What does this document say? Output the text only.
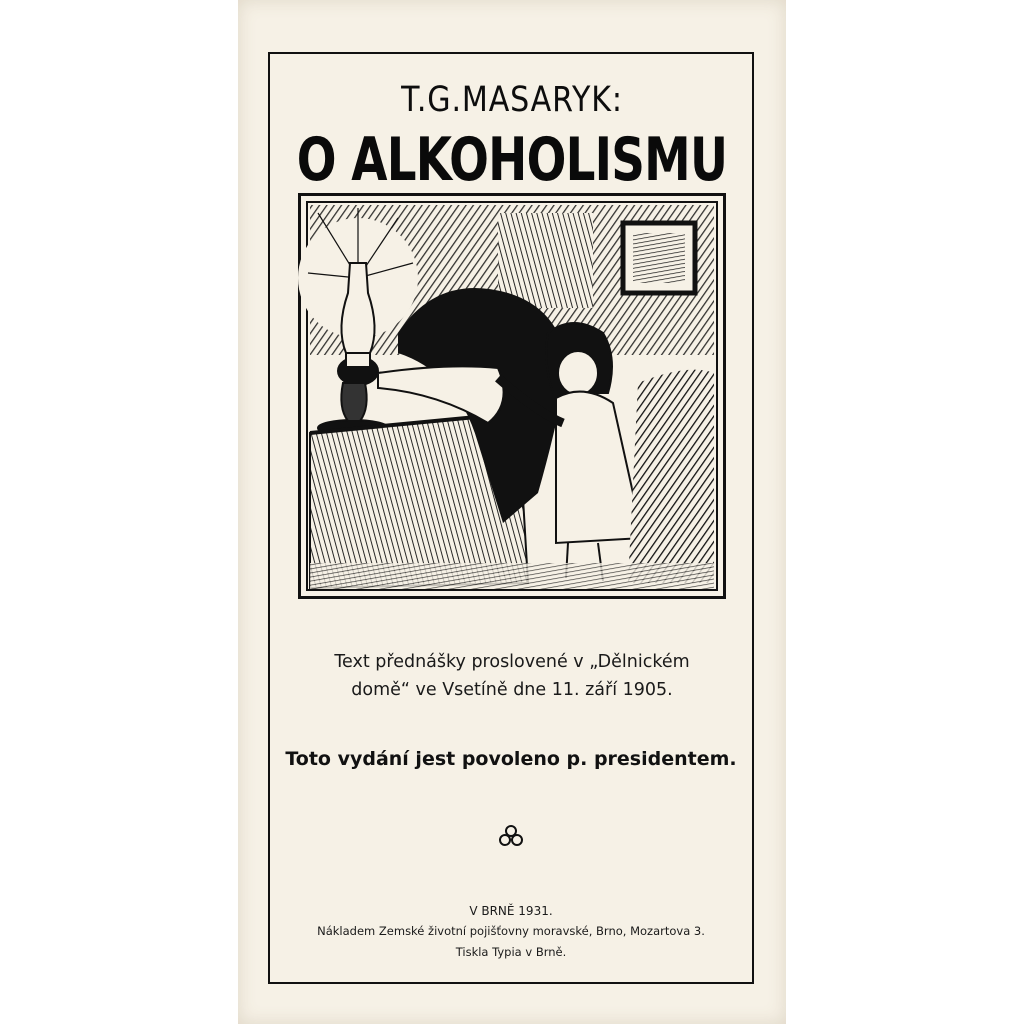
T.G.MASARYK:
O ALKOHOLISMU
Text přednášky proslovené v „Dělnickém
domě“ ve Vsetíně dne 11. září 1905.
Toto vydání jest povoleno p. presidentem.
V BRNĚ 1931.
Nákladem Zemské životní pojišťovny moravské, Brno, Mozartova 3.
Tiskla Typia v Brně.
